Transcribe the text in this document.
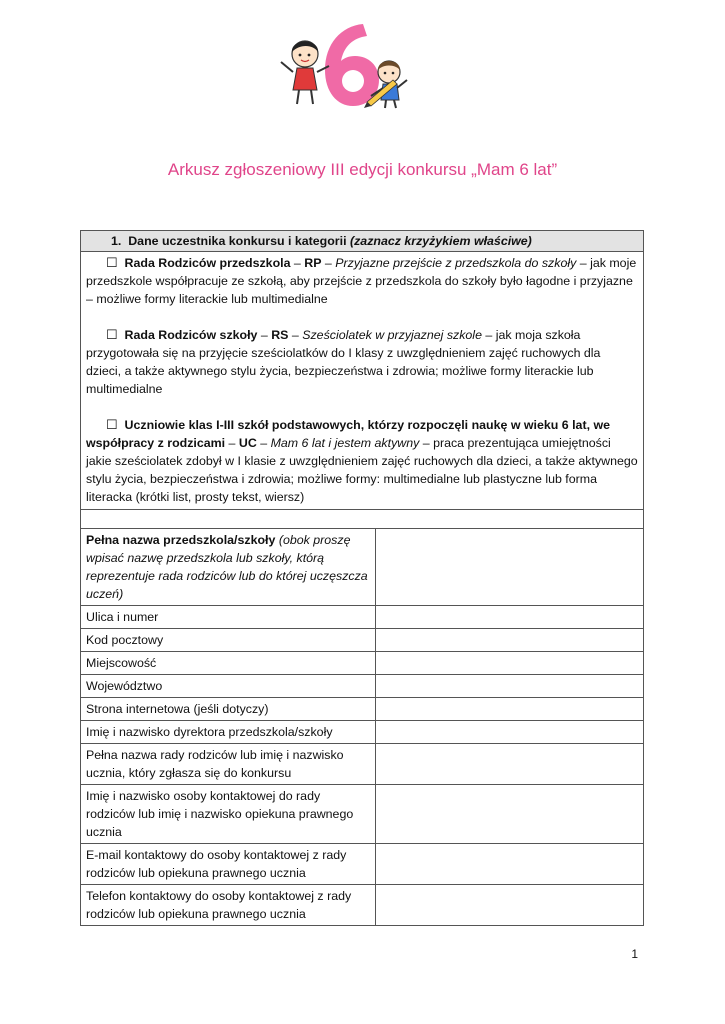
Arkusz zgłoszeniowy III edycji konkursu „Mam 6 lat”
1. Dane uczestnika konkursu i kategorii (zaznacz krzyżykiem właściwe)	

☐ Rada Rodziców przedszkola – RP – Przyjazne przejście z przedszkola do szkoły – jak moje przedszkole współpracuje ze szkołą, aby przejście z przedszkola do szkoły było łagodne i przyjazne – możliwe formy literackie lub multimedialne

☐ Rada Rodziców szkoły – RS – Sześciolatek w przyjaznej szkole – jak moja szkoła przygotowała się na przyjęcie sześciolatków do I klasy z uwzględnieniem zajęć ruchowych dla dzieci, a także aktywnego stylu życia, bezpieczeństwa i zdrowia; możliwe formy literackie lub multimedialne

☐ Uczniowie klas I-III szkół podstawowych, którzy rozpoczęli naukę w wieku 6 lat, we współpracy z rodzicami – UC – Mam 6 lat i jestem aktywny – praca prezentująca umiejętności jakie sześciolatek zdobył w I klasie z uwzględnieniem zajęć ruchowych dla dzieci, a także aktywnego stylu życia, bezpieczeństwa i zdrowia; możliwe formy: multimedialne lub plastyczne lub forma literacka (krótki list, prosty tekst, wiersz)	

Pełna nazwa przedszkola/szkoły (obok proszę wpisać nazwę przedszkola lub szkoły, którą reprezentuje rada rodziców lub do której uczęszcza uczeń)	
Ulica i numer	
Kod pocztowy	
Miejscowość	
Województwo	
Strona internetowa (jeśli dotyczy)	
Imię i nazwisko dyrektora przedszkola/szkoły	
Pełna nazwa rady rodziców lub imię i nazwisko ucznia, który zgłasza się do konkursu	
Imię i nazwisko osoby kontaktowej do rady rodziców lub imię i nazwisko opiekuna prawnego ucznia	
E-mail kontaktowy do osoby kontaktowej z rady rodziców lub opiekuna prawnego ucznia	
Telefon kontaktowy do osoby kontaktowej z rady rodziców lub opiekuna prawnego ucznia	
1
